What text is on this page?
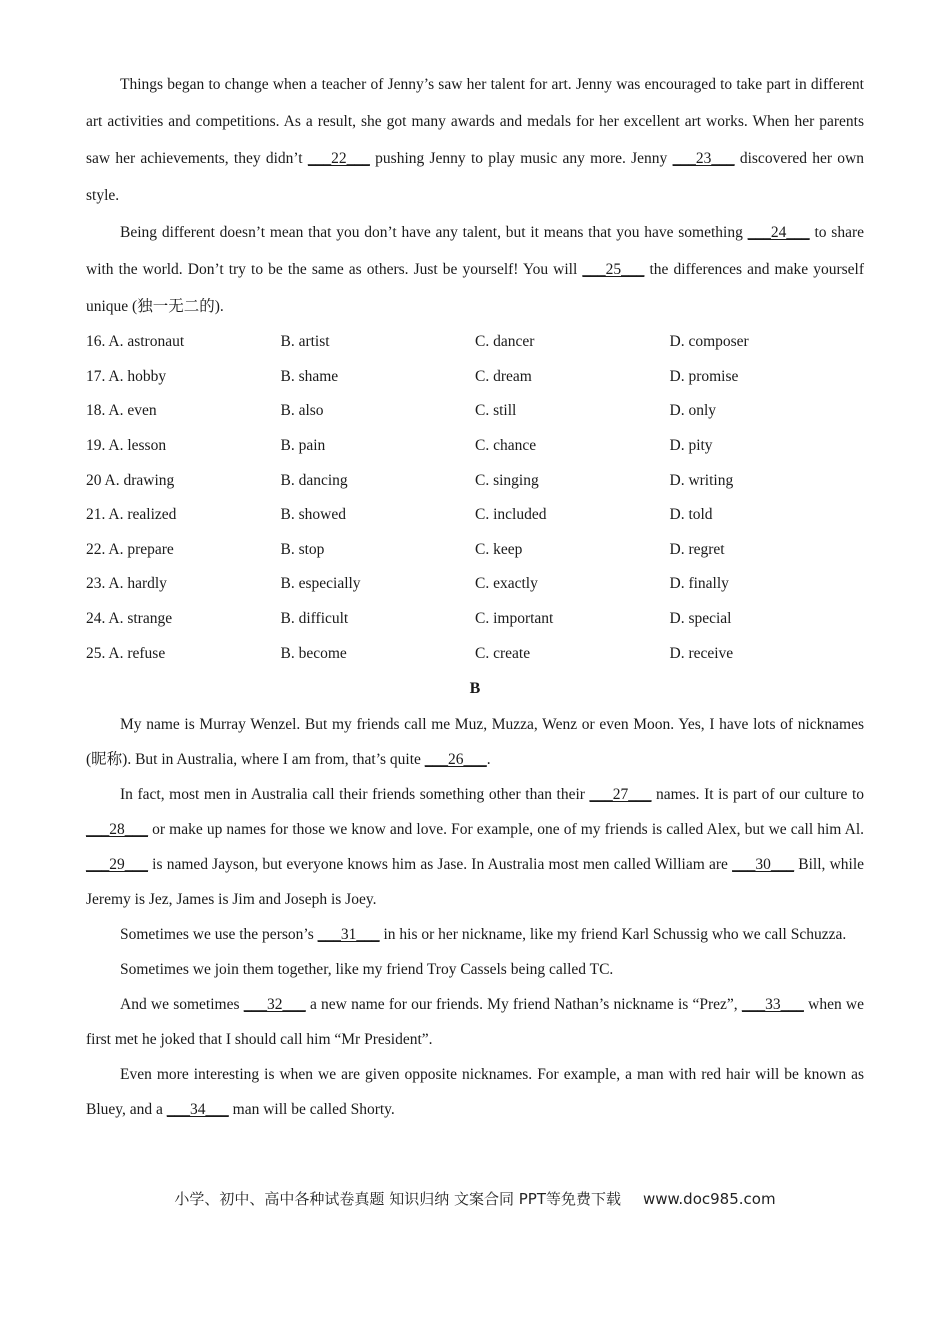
Things began to change when a teacher of Jenny’s saw her talent for art. Jenny was encouraged to take part in different art activities and competitions. As a result, she got many awards and medals for her excellent art works. When her parents saw her achievements, they didn’t ___22___ pushing Jenny to play music any more. Jenny ___23___ discovered her own style.

Being different doesn’t mean that you don’t have any talent, but it means that you have something ___24___ to share with the world. Don’t try to be the same as others. Just be yourself! You will ___25___ the differences and make yourself unique (独一无二的).

16. A. astronaut	B. artist	C. dancer	D. composer
17. A. hobby	B. shame	C. dream	D. promise
18. A. even	B. also	C. still	D. only
19. A. lesson	B. pain	C. chance	D. pity
20 A. drawing	B. dancing	C. singing	D. writing
21. A. realized	B. showed	C. included	D. told
22. A. prepare	B. stop	C. keep	D. regret
23. A. hardly	B. especially	C. exactly	D. finally
24. A. strange	B. difficult	C. important	D. special
25. A. refuse	B. become	C. create	D. receive

B

My name is Murray Wenzel. But my friends call me Muz, Muzza, Wenz or even Moon. Yes, I have lots of nicknames (昵称). But in Australia, where I am from, that’s quite ___26___.

In fact, most men in Australia call their friends something other than their ___27___ names. It is part of our culture to ___28___ or make up names for those we know and love. For example, one of my friends is called Alex, but we call him Al. ___29___ is named Jayson, but everyone knows him as Jase. In Australia most men called William are ___30___ Bill, while Jeremy is Jez, James is Jim and Joseph is Joey.

Sometimes we use the person’s ___31___ in his or her nickname, like my friend Karl Schussig who we call Schuzza.

Sometimes we join them together, like my friend Troy Cassels being called TC.

And we sometimes ___32___ a new name for our friends. My friend Nathan’s nickname is “Prez”, ___33___ when we first met he joked that I should call him “Mr President”.

Even more interesting is when we are given opposite nicknames. For example, a man with red hair will be known as Bluey, and a ___34___ man will be called Shorty.

小学、初中、高中各种试卷真题 知识归纳 文案合同 PPT等免费下载 www.doc985.com
